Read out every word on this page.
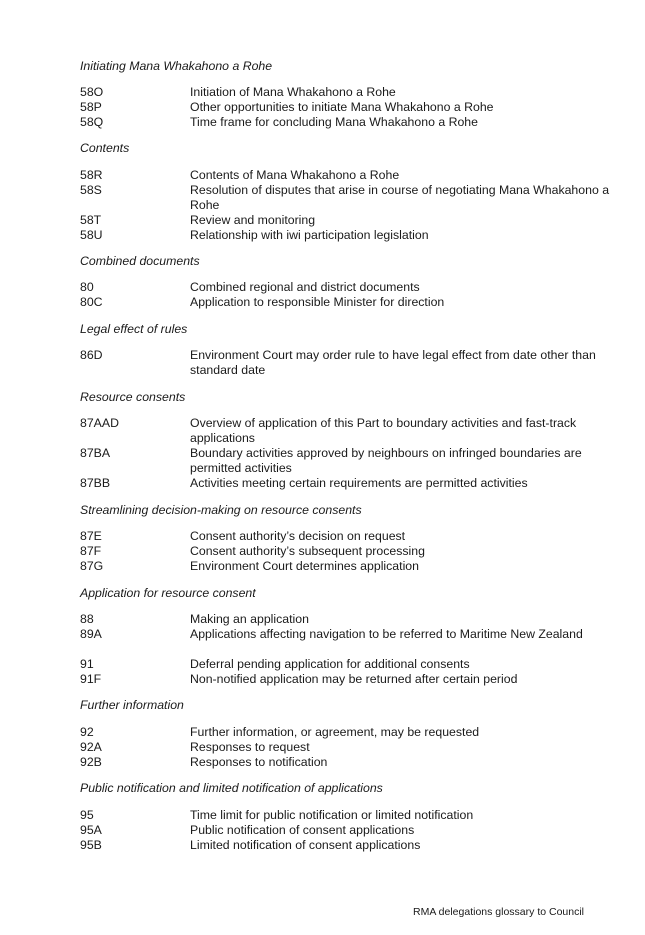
Initiating Mana Whakahono a Rohe
58O	Initiation of Mana Whakahono a Rohe
58P	Other opportunities to initiate Mana Whakahono a Rohe
58Q	Time frame for concluding Mana Whakahono a Rohe
Contents
58R	Contents of Mana Whakahono a Rohe
58S	Resolution of disputes that arise in course of negotiating Mana Whakahono a Rohe
58T	Review and monitoring
58U	Relationship with iwi participation legislation
Combined documents
80	Combined regional and district documents
80C	Application to responsible Minister for direction
Legal effect of rules
86D	Environment Court may order rule to have legal effect from date other than standard date
Resource consents
87AAD	Overview of application of this Part to boundary activities and fast-track applications
87BA	Boundary activities approved by neighbours on infringed boundaries are permitted activities
87BB	Activities meeting certain requirements are permitted activities
Streamlining decision-making on resource consents
87E	Consent authority’s decision on request
87F	Consent authority’s subsequent processing
87G	Environment Court determines application
Application for resource consent
88	Making an application
89A	Applications affecting navigation to be referred to Maritime New Zealand
91	Deferral pending application for additional consents
91F	Non-notified application may be returned after certain period
Further information
92	Further information, or agreement, may be requested
92A	Responses to request
92B	Responses to notification
Public notification and limited notification of applications
95	Time limit for public notification or limited notification
95A	Public notification of consent applications
95B	Limited notification of consent applications
RMA delegations glossary to Council
